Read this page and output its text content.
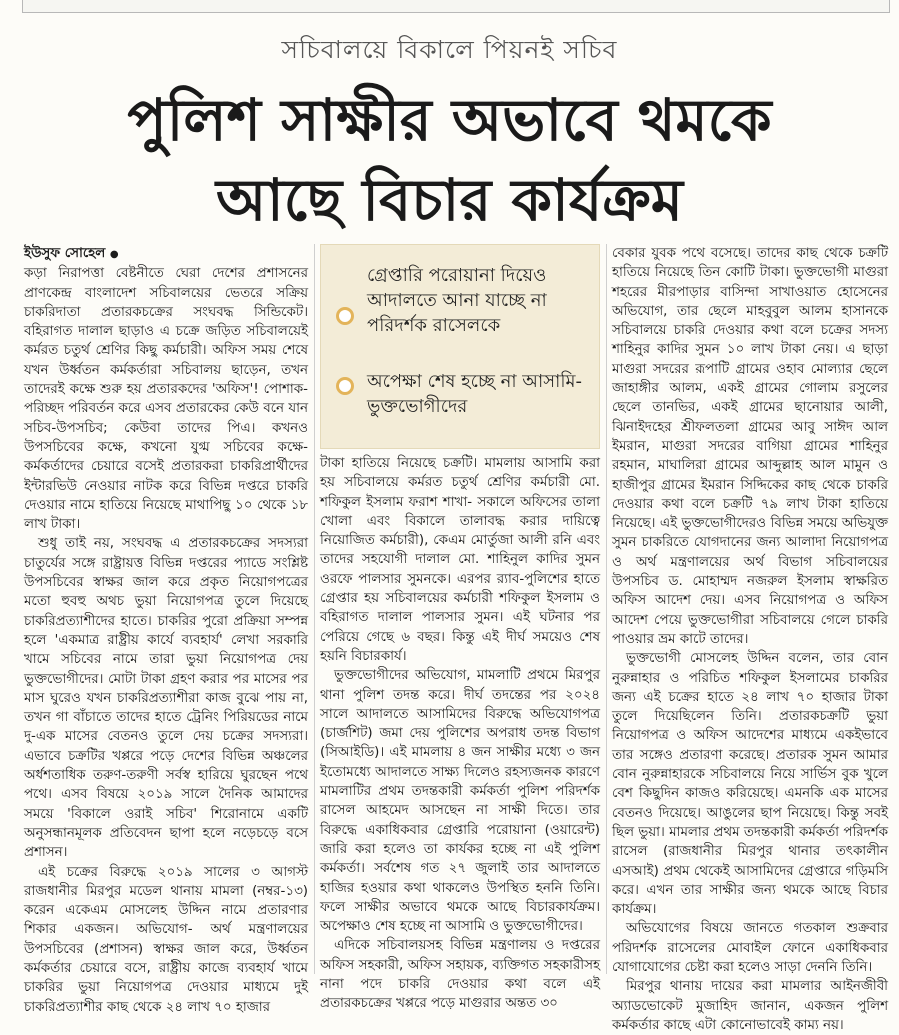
সচিবালয়ে বিকালে পিয়নই সচিব
পুলিশ সাক্ষীর অভাবে থমকে
আছে বিচার কার্যক্রম
ইউসুফ সোহেল ●

কড়া নিরাপত্তা বেষ্টনীতে ঘেরা দেশের প্রশাসনের প্রাণকেন্দ্র বাংলাদেশ সচিবালয়ের ভেতরে সক্রিয় চাকরিদাতা প্রতারকচক্রের সংঘবদ্ধ সিন্ডিকেট। বহিরাগত দালাল ছাড়াও এ চক্রে জড়িত সচিবালয়েই কর্মরত চতুর্থ শ্রেণির কিছু কর্মচারী। অফিস সময় শেষে যখন উর্ধ্বতন কর্মকর্তারা সচিবালয় ছাড়েন, তখন তাদেরই কক্ষে শুরু হয় প্রতারকদের 'অফিস'! পোশাক-পরিচ্ছদ পরিবর্তন করে এসব প্রতারকের কেউ বনে যান সচিব-উপসচিব; কেউবা তাদের পিএ। কখনও উপসচিবের কক্ষে, কখনো যুগ্ম সচিবের কক্ষে-কর্মকর্তাদের চেয়ারে বসেই প্রতারকরা চাকরিপ্রার্থীদের ইন্টারভিউ নেওয়ার নাটক করে বিভিন্ন দপ্তরে চাকরি দেওয়ার নামে হাতিয়ে নিয়েছে মাথাপিছু ১০ থেকে ১৮ লাখ টাকা।

শুধু তাই নয়, সংঘবদ্ধ এ প্রতারকচক্রের সদস্যরা চাতুর্যের সঙ্গে রাষ্ট্রায়ত্ত বিভিন্ন দপ্তরের প্যাডে সংশ্লিষ্ট উপসচিবের স্বাক্ষর জাল করে প্রকৃত নিয়োগপত্রের মতো হুবহু অথচ ভুয়া নিয়োগপত্র তুলে দিয়েছে চাকরিপ্রত্যাশীদের হাতে। চাকরির পুরো প্রক্রিয়া সম্পন্ন হলে 'একমাত্র রাষ্ট্রীয় কার্যে ব্যবহার্য' লেখা সরকারি খামে সচিবের নামে তারা ভুয়া নিয়োগপত্র দেয় ভুক্তভোগীদের। মোটা টাকা গ্রহণ করার পর মাসের পর মাস ঘুরেও যখন চাকরিপ্রত্যাশীরা কাজ বুঝে পায় না, তখন গা বাঁচাতে তাদের হাতে ট্রেনিং পিরিয়ডের নামে দু-এক মাসের বেতনও তুলে দেয় চক্রের সদস্যরা। এভাবে চক্রটির খপ্পরে পড়ে দেশের বিভিন্ন অঞ্চলের অর্ধশতাধিক তরুণ-তরুণী সর্বস্ব হারিয়ে ঘুরছেন পথে পথে। এসব বিষয়ে ২০১৯ সালে দৈনিক আমাদের সময়ে 'বিকালে ওরাই সচিব' শিরোনামে একটি অনুসন্ধানমূলক প্রতিবেদন ছাপা হলে নড়েচড়ে বসে প্রশাসন।

এই চক্রের বিরুদ্ধে ২০১৯ সালের ৩ আগস্ট রাজধানীর মিরপুর মডেল থানায় মামলা (নম্বর-১৩) করেন একেএম মোসলেহ উদ্দিন নামে প্রতারণার শিকার একজন। অভিযোগ- অর্থ মন্ত্রণালয়ের উপসচিবের (প্রশাসন) স্বাক্ষর জাল করে, উর্ধ্বতন কর্মকর্তার চেয়ারে বসে, রাষ্ট্রীয় কাজে ব্যবহার্য খামে চাকরির ভুয়া নিয়োগপত্র দেওয়ার মাধ্যমে দুই চাকরিপ্রত্যাশীর কাছ থেকে ২৪ লাখ ৭০ হাজার

গ্রেপ্তারি পরোয়ানা দিয়েও আদালতে আনা যাচ্ছে না পরিদর্শক রাসেলকে
অপেক্ষা শেষ হচ্ছে না আসামি-ভুক্তভোগীদের

টাকা হাতিয়ে নিয়েছে চক্রটি। মামলায় আসামি করা হয় সচিবালয়ে কর্মরত চতুর্থ শ্রেণির কর্মচারী মো. শফিকুল ইসলাম ফরাশ শাখা- সকালে অফিসের তালা খোলা এবং বিকালে তালাবদ্ধ করার দায়িত্বে নিয়োজিত কর্মচারী), কেএম মোর্তুজা আলী রনি এবং তাদের সহযোগী দালাল মো. শাহিনুল কাদির সুমন ওরফে পালসার সুমনকে। এরপর র‍্যাব-পুলিশের হাতে গ্রেপ্তার হয় সচিবালয়ের কর্মচারী শফিকুল ইসলাম ও বহিরাগত দালাল পালসার সুমন। এই ঘটনার পর পেরিয়ে গেছে ৬ বছর। কিন্তু এই দীর্ঘ সময়েও শেষ হয়নি বিচারকার্য।

ভুক্তভোগীদের অভিযোগ, মামলাটি প্রথমে মিরপুর থানা পুলিশ তদন্ত করে। দীর্ঘ তদন্তের পর ২০২৪ সালে আদালতে আসামিদের বিরুদ্ধে অভিযোগপত্র (চার্জশিট) জমা দেয় পুলিশের অপরাধ তদন্ত বিভাগ (সিআইডি)। এই মামলায় ৪ জন সাক্ষীর মধ্যে ৩ জন ইতোমধ্যে আদালতে সাক্ষ্য দিলেও রহস্যজনক কারণে মামলাটির প্রথম তদন্তকারী কর্মকর্তা পুলিশ পরিদর্শক রাসেল আহমেদ আসছেন না সাক্ষী দিতে। তার বিরুদ্ধে একাধিকবার গ্রেপ্তারি পরোয়ানা (ওয়ারেন্ট) জারি করা হলেও তা কার্যকর হচ্ছে না এই পুলিশ কর্মকর্তা। সর্বশেষ গত ২৭ জুলাই তার আদালতে হাজির হওয়ার কথা থাকলেও উপস্থিত হননি তিনি। ফলে সাক্ষীর অভাবে থমকে আছে বিচারকার্যক্রম। অপেক্ষাও শেষ হচ্ছে না আসামি ও ভুক্তভোগীদের।

এদিকে সচিবালয়সহ বিভিন্ন মন্ত্রণালয় ও দপ্তরের অফিস সহকারী, অফিস সহায়ক, ব্যক্তিগত সহকারীসহ নানা পদে চাকরি দেওয়ার কথা বলে এই প্রতারকচক্রের খপ্পরে পড়ে মাগুরার অন্তত ৩০

বেকার যুবক পথে বসেছে। তাদের কাছ থেকে চক্রটি হাতিয়ে নিয়েছে তিন কোটি টাকা। ভুক্তভোগী মাগুরা শহরের মীরপাড়ার বাসিন্দা সাখাওয়াত হোসেনের অভিযোগ, তার ছেলে মাহবুবুল আলম হাসানকে সচিবালয়ে চাকরি দেওয়ার কথা বলে চক্রের সদস্য শাহিনুর কাদির সুমন ১০ লাখ টাকা নেয়। এ ছাড়া মাগুরা সদরের রূপাটি গ্রামের ওহাব মোল্যার ছেলে জাহাঙ্গীর আলম, একই গ্রামের গোলাম রসুলের ছেলে তানভির, একই গ্রামের ছানোয়ার আলী, ঝিনাইদহের শ্রীফলতলা গ্রামের আবু সাঈদ আল ইমরান, মাগুরা সদরের বাগিয়া গ্রামের শাহিনুর রহমান, মাঘালিরা গ্রামের আব্দুল্লাহ আল মামুন ও হাজীপুর গ্রামের ইমরান সিদ্দিকের কাছ থেকে চাকরি দেওয়ার কথা বলে চক্রটি ৭৯ লাখ টাকা হাতিয়ে নিয়েছে। এই ভুক্তভোগীদেরও বিভিন্ন সময়ে অভিযুক্ত সুমন চাকরিতে যোগদানের জন্য আলাদা নিয়োগপত্র ও অর্থ মন্ত্রণালয়ের অর্থ বিভাগ সচিবালয়ের উপসচিব ড. মোহাম্মদ নজরুল ইসলাম স্বাক্ষরিত অফিস আদেশ দেয়। এসব নিয়োগপত্র ও অফিস আদেশ পেয়ে ভুক্তভোগীরা সচিবালয়ে গেলে চাকরি পাওয়ার ভ্রম কাটে তাদের।

ভুক্তভোগী মোসলেহ উদ্দিন বলেন, তার বোন নুরুন্নাহার ও পরিচিত শফিকুল ইসলামের চাকরির জন্য এই চক্রের হাতে ২৪ লাখ ৭০ হাজার টাকা তুলে দিয়েছিলেন তিনি। প্রতারকচক্রটি ভুয়া নিয়োগপত্র ও অফিস আদেশের মাধ্যমে একইভাবে তার সঙ্গেও প্রতারণা করেছে। প্রতারক সুমন আমার বোন নুরুন্নাহারকে সচিবালয়ে নিয়ে সার্ভিস বুক খুলে বেশ কিছুদিন কাজও করিয়েছে। এমনকি এক মাসের বেতনও দিয়েছে। আঙুলের ছাপ নিয়েছে। কিন্তু সবই ছিল ভুয়া। মামলার প্রথম তদন্তকারী কর্মকর্তা পরিদর্শক রাসেল (রাজধানীর মিরপুর থানার তৎকালীন এসআই) প্রথম থেকেই আসামিদের গ্রেপ্তারে গড়িমসি করে। এখন তার সাক্ষীর জন্য থমকে আছে বিচার কার্যক্রম।

অভিযোগের বিষয়ে জানতে গতকাল শুক্রবার পরিদর্শক রাসেলের মোবাইল ফোনে একাধিকবার যোগাযোগের চেষ্টা করা হলেও সাড়া দেননি তিনি।

মিরপুর থানায় দায়ের করা মামলার আইনজীবী অ্যাডভোকেট মুজাহিদ জানান, একজন পুলিশ কর্মকর্তার কাছে এটা কোনোভাবেই কাম্য নয়।
